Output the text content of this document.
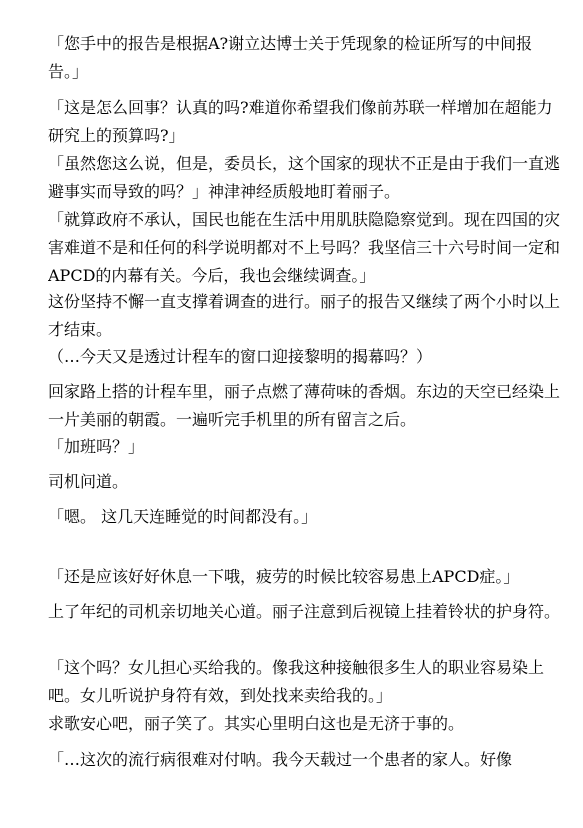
「您手中的报告是根据A?谢立达博士关于凭现象的检证所写的中间报告。」

「这是怎么回事？认真的吗?难道你希望我们像前苏联一样增加在超能力研究上的预算吗?」

「虽然您这么说，但是，委员长，这个国家的现状不正是由于我们一直逃避事实而导致的吗？」神津神经质般地盯着丽子。

「就算政府不承认，国民也能在生活中用肌肤隐隐察觉到。现在四国的灾害难道不是和任何的科学说明都对不上号吗？我坚信三十六号时间一定和APCD的内幕有关。今后，我也会继续调查。」

这份坚持不懈一直支撑着调查的进行。丽子的报告又继续了两个小时以上才结束。

（…今天又是透过计程车的窗口迎接黎明的揭幕吗？）

回家路上搭的计程车里，丽子点燃了薄荷味的香烟。东边的天空已经染上一片美丽的朝霞。一遍听完手机里的所有留言之后。

「加班吗？」

司机问道。

「嗯。 这几天连睡觉的时间都没有。」

「还是应该好好休息一下哦，疲劳的时候比较容易患上APCD症。」

上了年纪的司机亲切地关心道。丽子注意到后视镜上挂着铃状的护身符。

「这个吗？女儿担心买给我的。像我这种接触很多生人的职业容易染上吧。女儿听说护身符有效，到处找来卖给我的。」

求歌安心吧，丽子笑了。其实心里明白这也是无济于事的。

「…这次的流行病很难对付呐。我今天载过一个患者的家人。好像
